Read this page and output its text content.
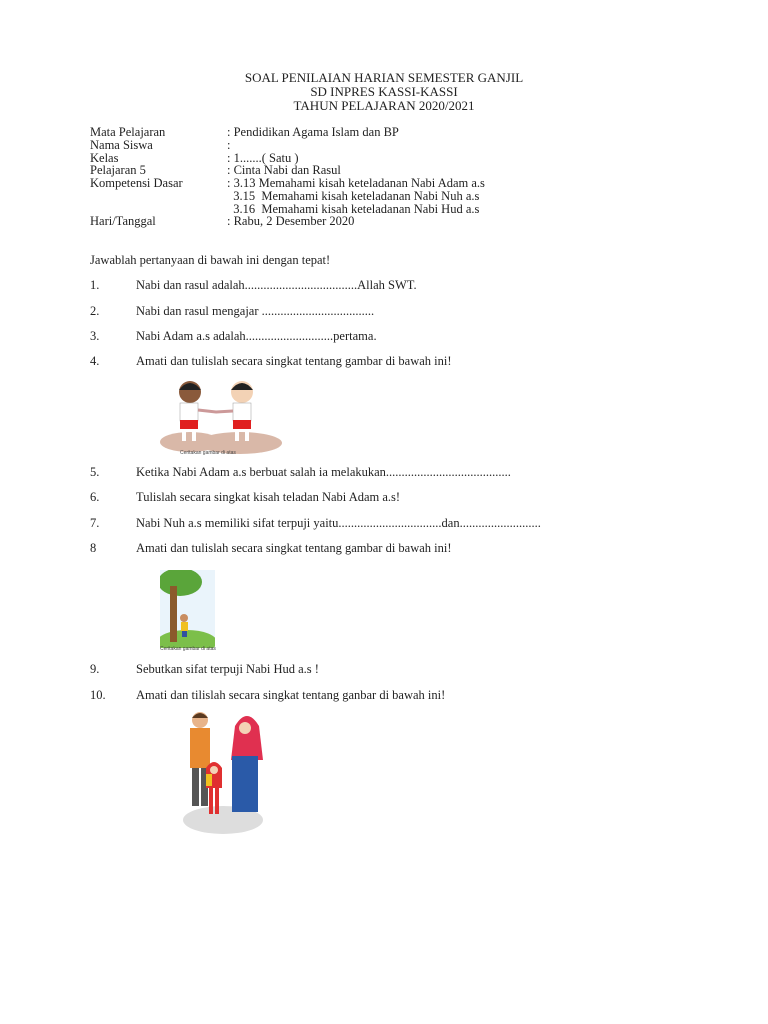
SOAL PENILAIAN HARIAN SEMESTER GANJIL
SD INPRES KASSI-KASSI
TAHUN PELAJARAN 2020/2021
Mata Pelajaran	: Pendidikan Agama Islam dan BP
Nama Siswa	:
Kelas	: 1.......( Satu )
Pelajaran 5	: Cinta Nabi dan Rasul
Kompetensi Dasar	: 3.13 Memahami kisah keteladanan Nabi Adam a.s
3.15  Memahami kisah keteladanan Nabi Nuh a.s
3.16  Memahami kisah keteladanan Nabi Hud a.s
Hari/Tanggal	: Rabu, 2 Desember 2020
Jawablah pertanyaan di bawah ini dengan tepat!
1.	Nabi dan rasul adalah....................................Allah SWT.
2.	Nabi dan rasul mengajar ....................................
3.	Nabi Adam a.s adalah............................pertama.
4.	Amati dan tulislah secara singkat tentang gambar di bawah ini!
Ceritakan gambar di atas
5.	Ketika Nabi Adam a.s berbuat salah ia melakukan........................................
6.	Tulislah secara singkat kisah teladan Nabi Adam a.s!
7.	Nabi Nuh a.s memiliki sifat terpuji yaitu.................................dan..........................
8	Amati dan tulislah secara singkat tentang gambar di bawah ini!
Ceritakan gambar di atas
9.	Sebutkan sifat terpuji Nabi Hud a.s !
10. Amati dan tilislah secara singkat tentang ganbar di bawah ini!
